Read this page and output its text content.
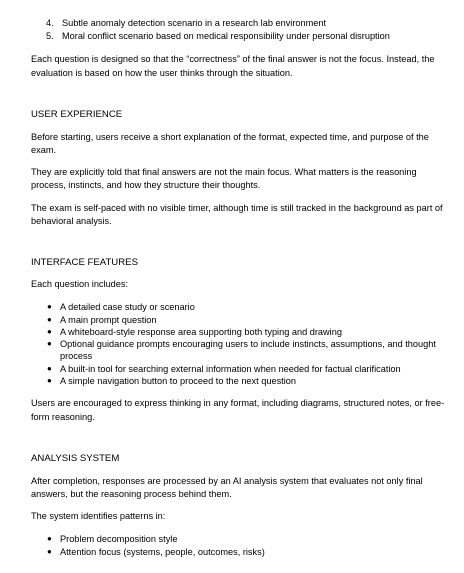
4. Subtle anomaly detection scenario in a research lab environment
5. Moral conflict scenario based on medical responsibility under personal disruption

Each question is designed so that the “correctness” of the final answer is not the focus. Instead, the evaluation is based on how the user thinks through the situation.

USER EXPERIENCE

Before starting, users receive a short explanation of the format, expected time, and purpose of the exam.

They are explicitly told that final answers are not the main focus. What matters is the reasoning process, instincts, and how they structure their thoughts.

The exam is self-paced with no visible timer, although time is still tracked in the background as part of behavioral analysis.

INTERFACE FEATURES

Each question includes:

● A detailed case study or scenario
● A main prompt question
● A whiteboard-style response area supporting both typing and drawing
● Optional guidance prompts encouraging users to include instincts, assumptions, and thought process
● A built-in tool for searching external information when needed for factual clarification
● A simple navigation button to proceed to the next question

Users are encouraged to express thinking in any format, including diagrams, structured notes, or free-form reasoning.

ANALYSIS SYSTEM

After completion, responses are processed by an AI analysis system that evaluates not only final answers, but the reasoning process behind them.

The system identifies patterns in:

● Problem decomposition style
● Attention focus (systems, people, outcomes, risks)
